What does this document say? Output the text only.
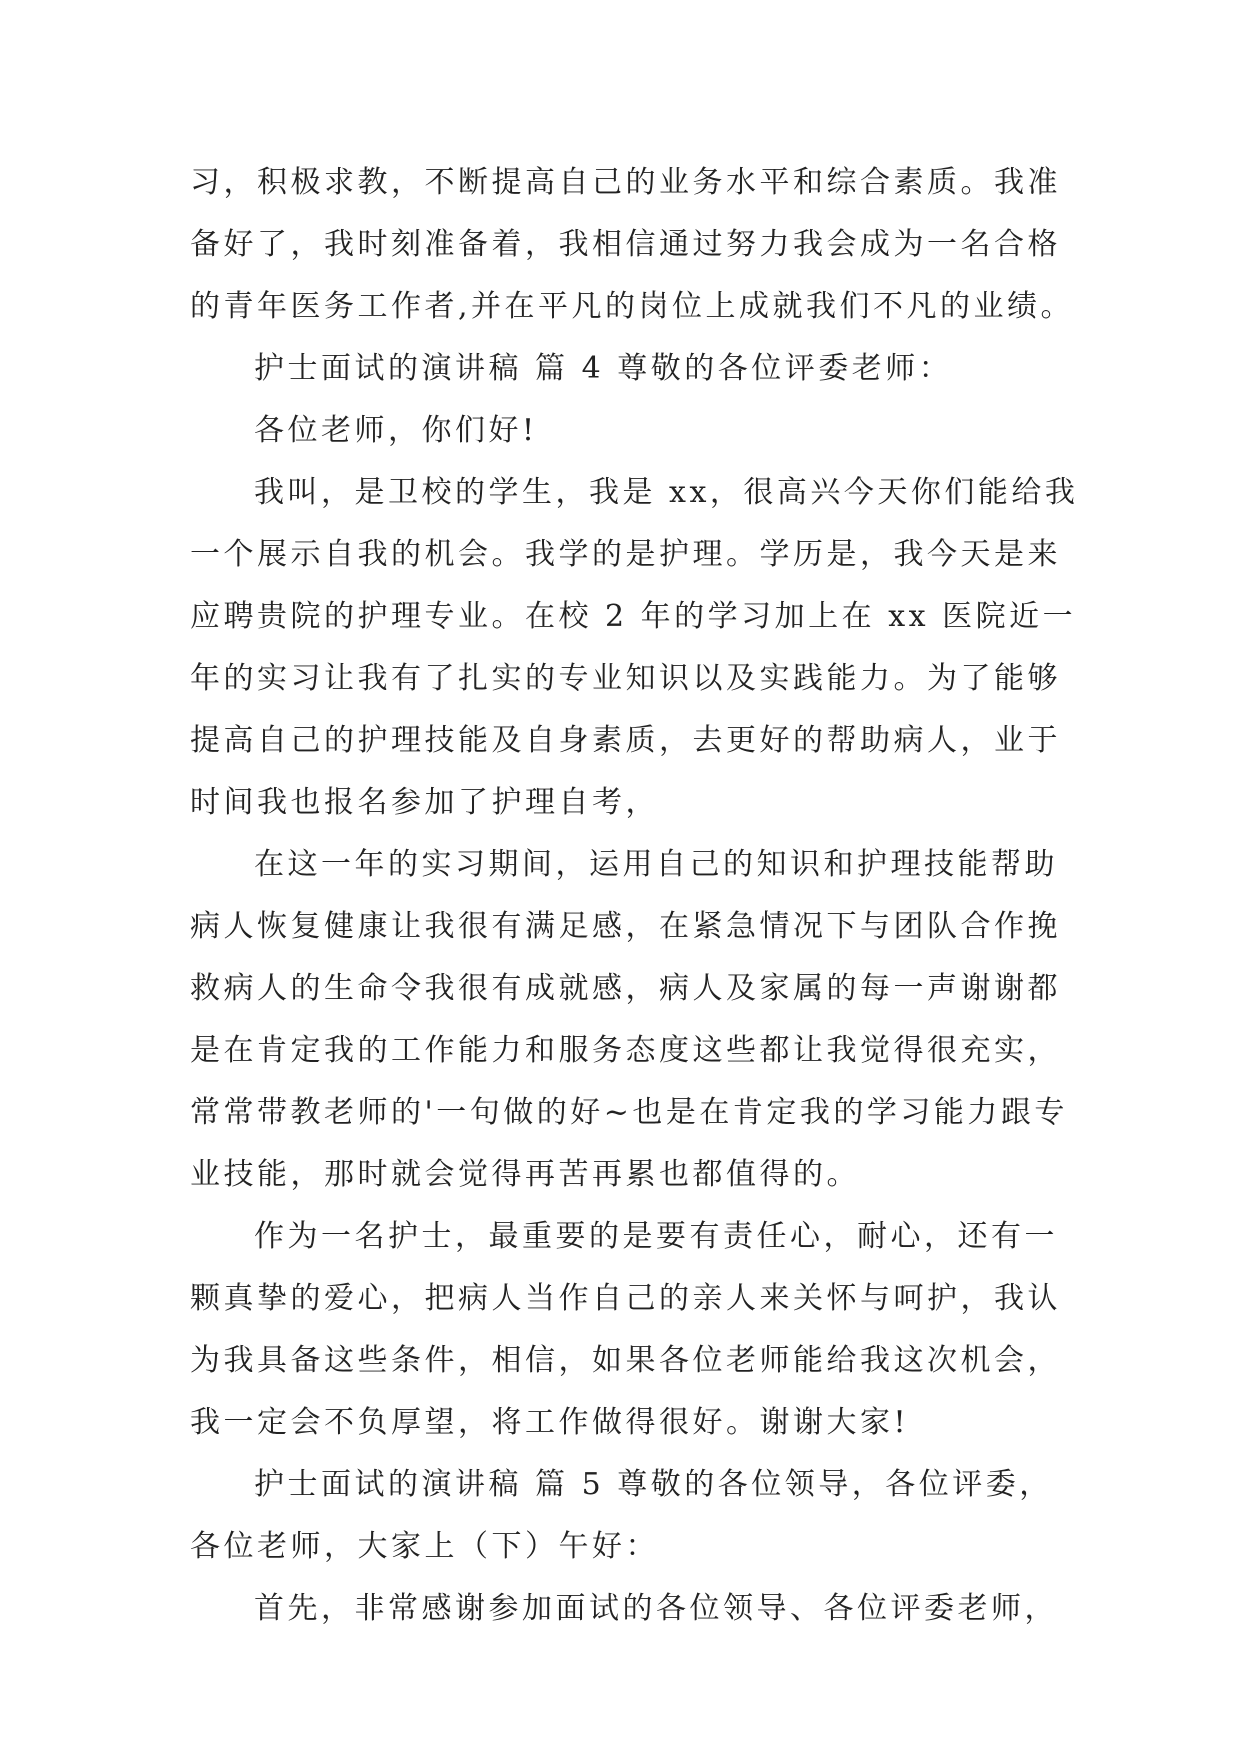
习，积极求教，不断提高自己的业务水平和综合素质。我准
备好了，我时刻准备着，我相信通过努力我会成为一名合格
的青年医务工作者,并在平凡的岗位上成就我们不凡的业绩。
护士面试的演讲稿 篇 4 尊敬的各位评委老师：
各位老师，你们好!
我叫，是卫校的学生，我是 xx，很高兴今天你们能给我
一个展示自我的机会。我学的是护理。学历是，我今天是来
应聘贵院的护理专业。在校 2 年的学习加上在 xx 医院近一
年的实习让我有了扎实的专业知识以及实践能力。为了能够
提高自己的护理技能及自身素质，去更好的帮助病人，业于
时间我也报名参加了护理自考，
在这一年的实习期间，运用自己的知识和护理技能帮助
病人恢复健康让我很有满足感，在紧急情况下与团队合作挽
救病人的生命令我很有成就感，病人及家属的每一声谢谢都
是在肯定我的工作能力和服务态度这些都让我觉得很充实，
常常带教老师的'一句做的好~也是在肯定我的学习能力跟专
业技能，那时就会觉得再苦再累也都值得的。
作为一名护士，最重要的是要有责任心，耐心，还有一
颗真挚的爱心，把病人当作自己的亲人来关怀与呵护，我认
为我具备这些条件，相信，如果各位老师能给我这次机会，
我一定会不负厚望，将工作做得很好。谢谢大家!
护士面试的演讲稿 篇 5 尊敬的各位领导，各位评委，
各位老师，大家上（下）午好：
首先，非常感谢参加面试的各位领导、各位评委老师，
